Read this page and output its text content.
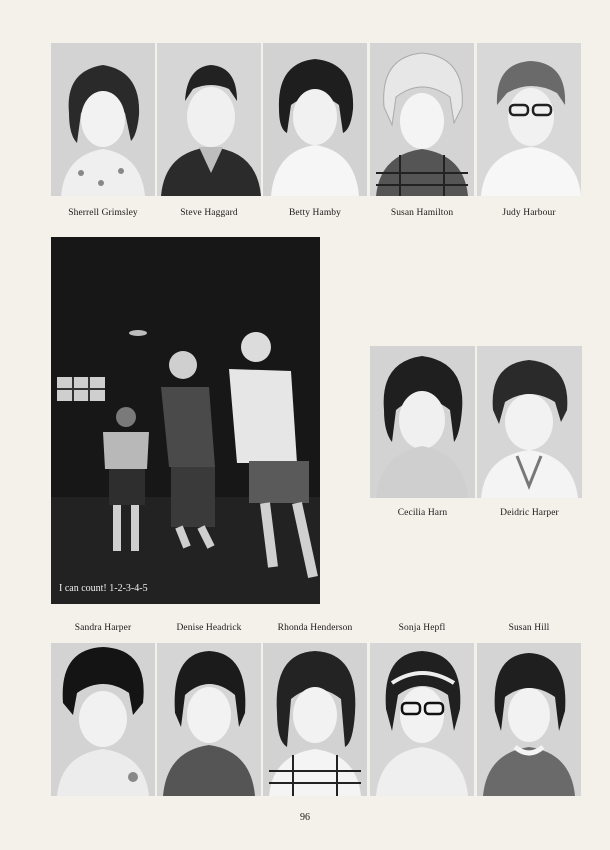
Sherrell Grimsley	Steve Haggard	Betty Hamby	Susan Hamilton	Judy Harbour
I can count! 1-2-3-4-5
Cecilia Harn	Deidric Harper
Sandra Harper	Denise Headrick	Rhonda Henderson	Sonja Hepfl	Susan Hill
96
